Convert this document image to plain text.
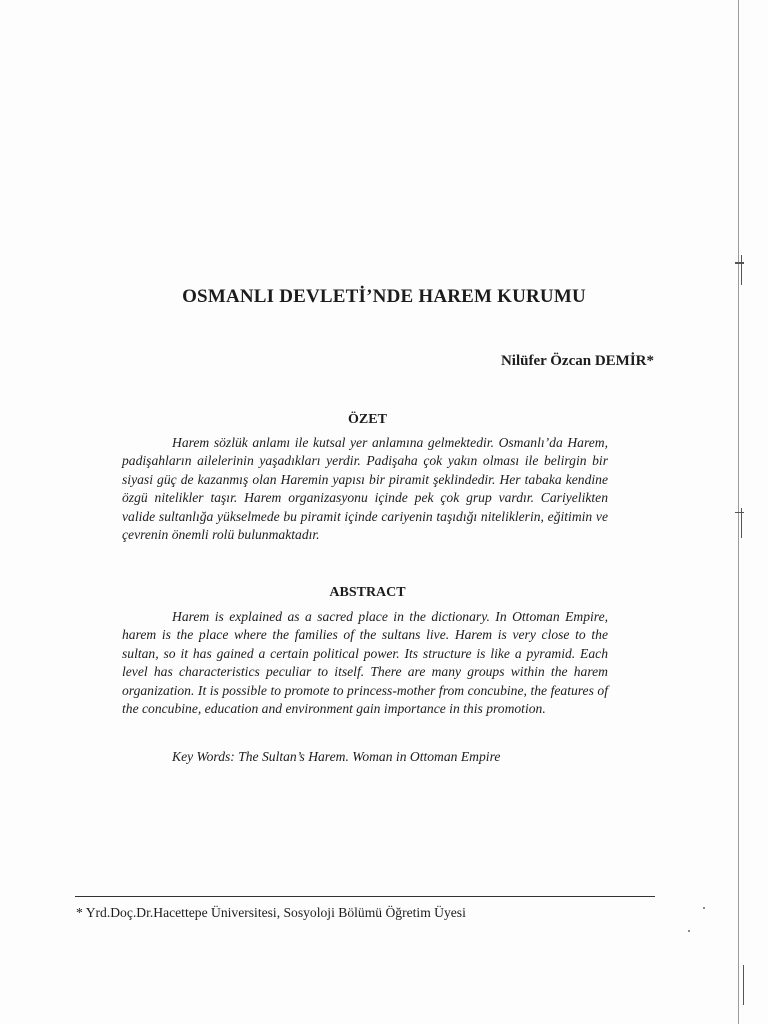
OSMANLI DEVLETİ’NDE HAREM KURUMU
Nilüfer Özcan DEMİR*
ÖZET

Harem sözlük anlamı ile kutsal yer anlamına gelmektedir. Osmanlı’da Harem, padişahların ailelerinin yaşadıkları yerdir. Padişaha çok yakın olması ile belirgin bir siyasi güç de kazanmış olan Haremin yapısı bir piramit şeklindedir. Her tabaka kendine özgü nitelikler taşır. Harem organizasyonu içinde pek çok grup vardır. Cariyelikten valide sultanlığa yükselmede bu piramit içinde cariyenin taşıdığı niteliklerin, eğitimin ve çevrenin önemli rolü bulunmaktadır.

ABSTRACT

Harem is explained as a sacred place in the dictionary. In Ottoman Empire, harem is the place where the families of the sultans live. Harem is very close to the sultan, so it has gained a certain political power. Its structure is like a pyramid. Each level has characteristics peculiar to itself. There are many groups within the harem organization. It is possible to promote to princess-mother from concubine, the features of the concubine, education and environment gain importance in this promotion.

Key Words: The Sultan’s Harem. Woman in Ottoman Empire
* Yrd.Doç.Dr.Hacettepe Üniversitesi, Sosyoloji Bölümü Öğretim Üyesi
